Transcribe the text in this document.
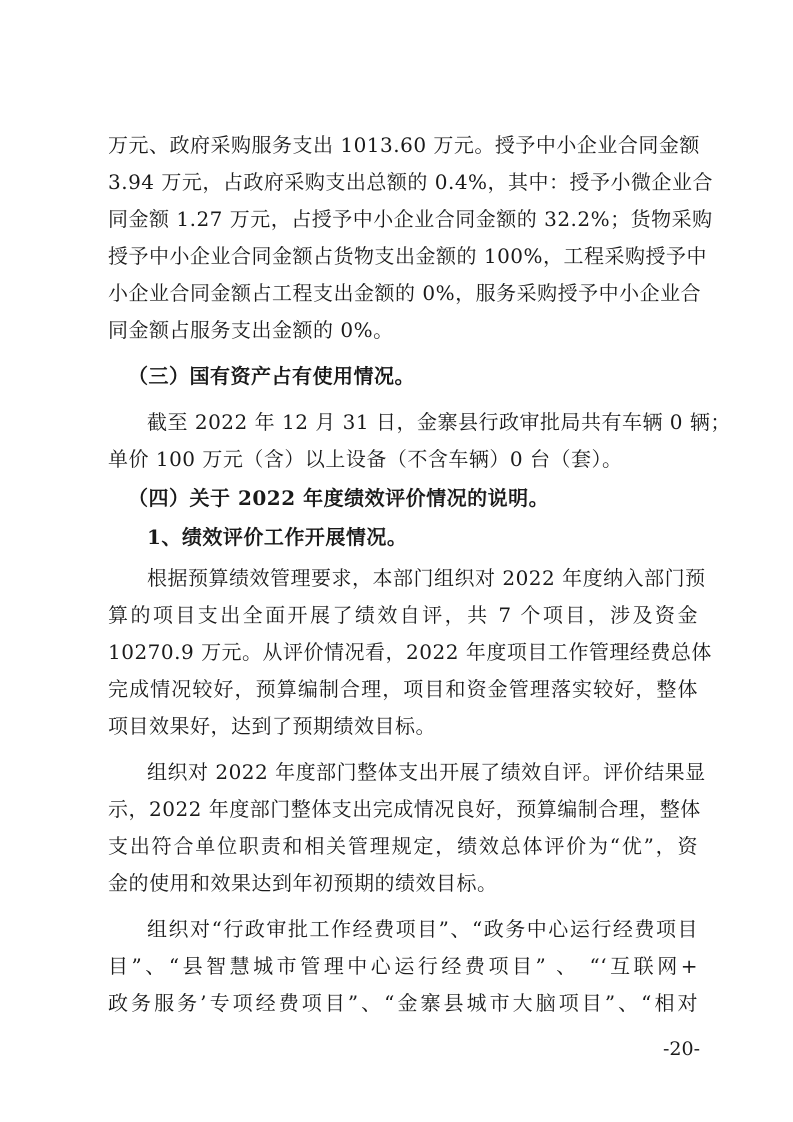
万元、政府采购服务支出 1013.60 万元。授予中小企业合同金额
3.94 万元，占政府采购支出总额的 0.4%，其中：授予小微企业合
同金额 1.27 万元，占授予中小企业合同金额的 32.2%；货物采购
授予中小企业合同金额占货物支出金额的 100%，工程采购授予中
小企业合同金额占工程支出金额的 0%，服务采购授予中小企业合
同金额占服务支出金额的 0%。
（三）国有资产占有使用情况。
截至 2022 年 12 月 31 日，金寨县行政审批局共有车辆 0 辆；
单价 100 万元（含）以上设备（不含车辆）0 台（套）。
（四）关于 2022 年度绩效评价情况的说明。
1、绩效评价工作开展情况。
根据预算绩效管理要求，本部门组织对 2022 年度纳入部门预
算的项目支出全面开展了绩效自评，共 7 个项目，涉及资金
10270.9 万元。从评价情况看，2022 年度项目工作管理经费总体
完成情况较好，预算编制合理，项目和资金管理落实较好，整体
项目效果好，达到了预期绩效目标。
组织对 2022 年度部门整体支出开展了绩效自评。评价结果显
示，2022 年度部门整体支出完成情况良好，预算编制合理，整体
支出符合单位职责和相关管理规定，绩效总体评价为“优”，资
金的使用和效果达到年初预期的绩效目标。
组织对“行政审批工作经费项目”、“政务中心运行经费项目
目”、“县智慧城市管理中心运行经费项目” 、 “‘互联网+
政务服务’专项经费项目”、“金寨县城市大脑项目”、“相对
-20-
